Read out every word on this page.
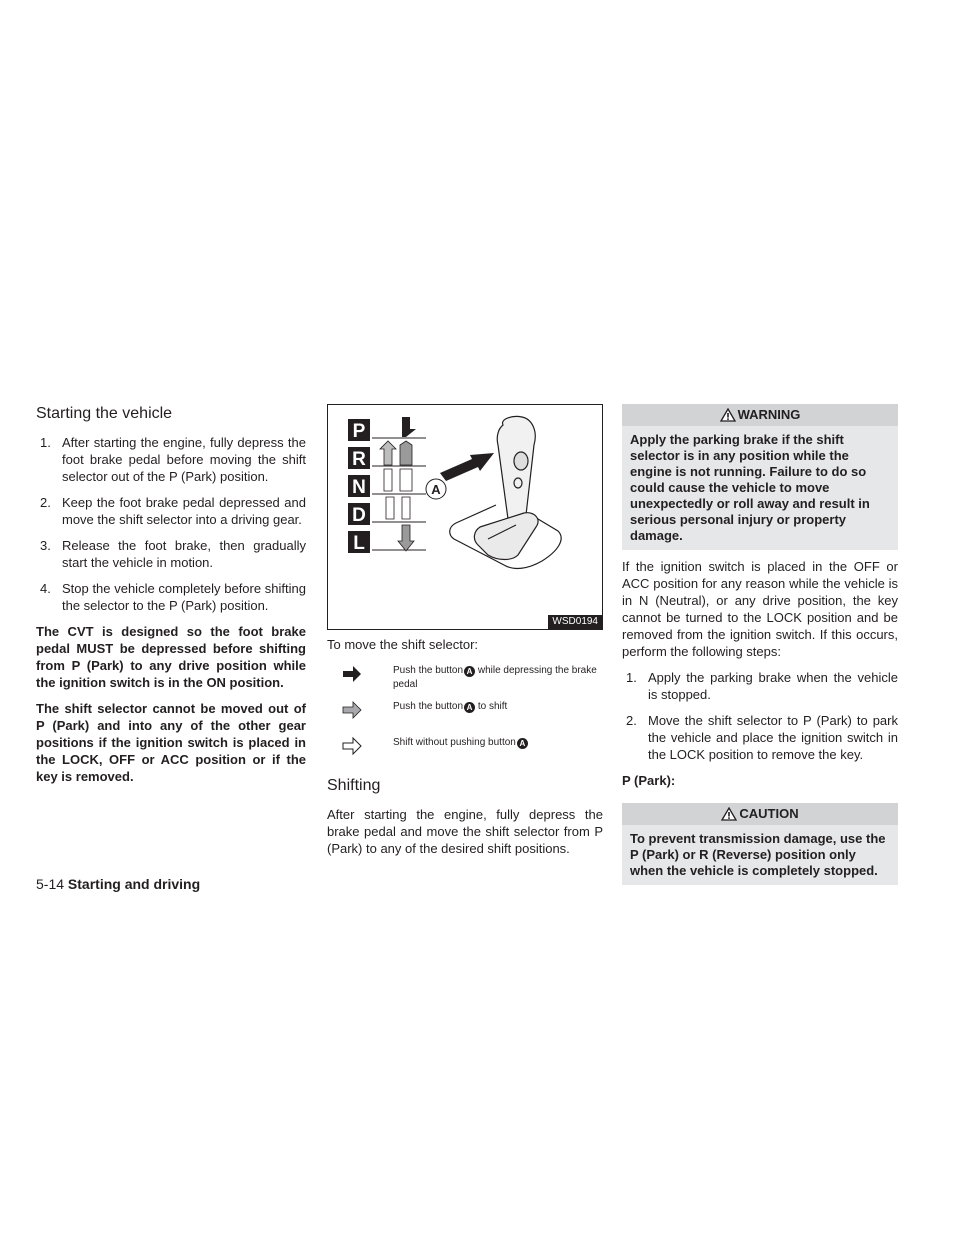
Starting the vehicle
1. After starting the engine, fully depress the foot brake pedal before moving the shift selector out of the P (Park) position.
2. Keep the foot brake pedal depressed and move the shift selector into a driving gear.
3. Release the foot brake, then gradually start the vehicle in motion.
4. Stop the vehicle completely before shifting the selector to the P (Park) position.

The CVT is designed so the foot brake pedal MUST be depressed before shifting from P (Park) to any drive position while the ignition switch is in the ON position.

The shift selector cannot be moved out of P (Park) and into any of the other gear positions if the ignition switch is placed in the LOCK, OFF or ACC position or if the key is removed.

P
R
N
D
L
A
WSD0194

To move the shift selector:

Push the button A while depressing the brake pedal
Push the button A to shift
Shift without pushing button A
Shifting

After starting the engine, fully depress the brake pedal and move the shift selector from P (Park) to any of the desired shift positions.

WARNING
Apply the parking brake if the shift selector is in any position while the engine is not running. Failure to do so could cause the vehicle to move unexpectedly or roll away and result in serious personal injury or property damage.

If the ignition switch is placed in the OFF or ACC position for any reason while the vehicle is in N (Neutral), or any drive position, the key cannot be turned to the LOCK position and be removed from the ignition switch. If this occurs, perform the following steps:

1. Apply the parking brake when the vehicle is stopped.
2. Move the shift selector to P (Park) to park the vehicle and place the ignition switch in the LOCK position to remove the key.

P (Park):

CAUTION
To prevent transmission damage, use the P (Park) or R (Reverse) position only when the vehicle is completely stopped.
5-14 Starting and driving
